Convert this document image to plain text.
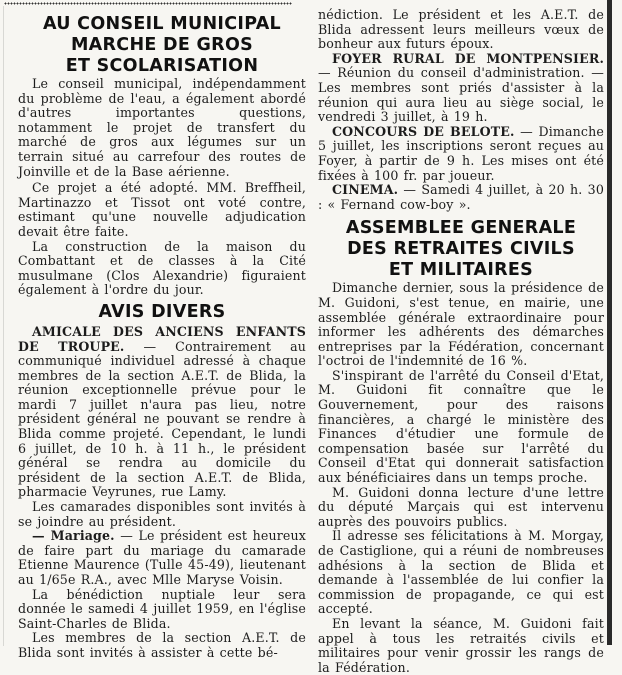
AU CONSEIL MUNICIPAL
MARCHE DE GROS
ET SCOLARISATION

Le conseil municipal, indépendamment du problème de l'eau, a également abordé d'autres importantes questions, notamment le projet de transfert du marché de gros aux légumes sur un terrain situé au carrefour des routes de Joinville et de la Base aérienne.

Ce projet a été adopté. MM. Breffheil, Martinazzo et Tissot ont voté contre, estimant qu'une nouvelle adjudication devait être faite.

La construction de la maison du Combattant et de classes à la Cité musulmane (Clos Alexandrie) figuraient également à l'ordre du jour.

AVIS DIVERS

AMICALE DES ANCIENS ENFANTS DE TROUPE. — Contrairement au communiqué individuel adressé à chaque membres de la section A.E.T. de Blida, la réunion exceptionnelle prévue pour le mardi 7 juillet n'aura pas lieu, notre président général ne pouvant se rendre à Blida comme projeté. Cependant, le lundi 6 juillet, de 10 h. à 11 h., le président général se rendra au domicile du président de la section A.E.T. de Blida, pharmacie Veyrunes, rue Lamy.

Les camarades disponibles sont invités à se joindre au président.

— Mariage. — Le président est heureux de faire part du mariage du camarade Etienne Maurence (Tulle 45-49), lieutenant au 1/65e R.A., avec Mlle Maryse Voisin.

La bénédiction nuptiale leur sera donnée le samedi 4 juillet 1959, en l'église Saint-Charles de Blida.

Les membres de la section A.E.T. de Blida sont invités à assister à cette bé-

nédiction. Le président et les A.E.T. de Blida adressent leurs meilleurs vœux de bonheur aux futurs époux.

FOYER RURAL DE MONTPENSIER. — Réunion du conseil d'administration. — Les membres sont priés d'assister à la réunion qui aura lieu au siège social, le vendredi 3 juillet, à 19 h.

CONCOURS DE BELOTE. — Dimanche 5 juillet, les inscriptions seront reçues au Foyer, à partir de 9 h. Les mises ont été fixées à 100 fr. par joueur.

CINEMA. — Samedi 4 juillet, à 20 h. 30 : « Fernand cow-boy ».

ASSEMBLEE GENERALE
DES RETRAITES CIVILS
ET MILITAIRES

Dimanche dernier, sous la présidence de M. Guidoni, s'est tenue, en mairie, une assemblée générale extraordinaire pour informer les adhérents des démarches entreprises par la Fédération, concernant l'octroi de l'indemnité de 16 %.

S'inspirant de l'arrêté du Conseil d'Etat, M. Guidoni fit connaître que le Gouvernement, pour des raisons financières, a chargé le ministère des Finances d'étudier une formule de compensation basée sur l'arrêté du Conseil d'Etat qui donnerait satisfaction aux bénéficiaires dans un temps proche.

M. Guidoni donna lecture d'une lettre du député Marçais qui est intervenu auprès des pouvoirs publics.

Il adresse ses félicitations à M. Morgay, de Castiglione, qui a réuni de nombreuses adhésions à la section de Blida et demande à l'assemblée de lui confier la commission de propagande, ce qui est accepté.

En levant la séance, M. Guidoni fait appel à tous les retraités civils et militaires pour venir grossir les rangs de la Fédération.
